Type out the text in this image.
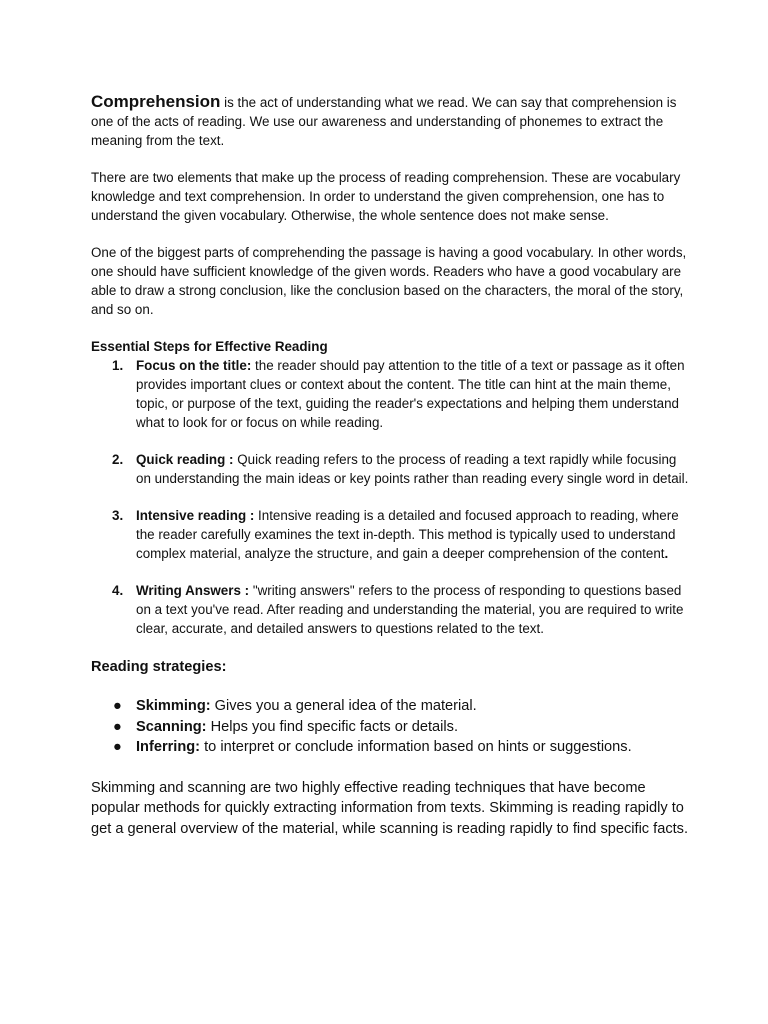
Comprehension is the act of understanding what we read. We can say that comprehension is one of the acts of reading. We use our awareness and understanding of phonemes to extract the meaning from the text.

There are two elements that make up the process of reading comprehension. These are vocabulary knowledge and text comprehension. In order to understand the given comprehension, one has to understand the given vocabulary. Otherwise, the whole sentence does not make sense.

One of the biggest parts of comprehending the passage is having a good vocabulary. In other words, one should have sufficient knowledge of the given words. Readers who have a good vocabulary are able to draw a strong conclusion, like the conclusion based on the characters, the moral of the story, and so on.

Essential Steps for Effective Reading

1. Focus on the title: the reader should pay attention to the title of a text or passage as it often provides important clues or context about the content. The title can hint at the main theme, topic, or purpose of the text, guiding the reader's expectations and helping them understand what to look for or focus on while reading.
2. Quick reading : Quick reading refers to the process of reading a text rapidly while focusing on understanding the main ideas or key points rather than reading every single word in detail.
3. Intensive reading : Intensive reading is a detailed and focused approach to reading, where the reader carefully examines the text in-depth. This method is typically used to understand complex material, analyze the structure, and gain a deeper comprehension of the content.
4. Writing Answers : "writing answers" refers to the process of responding to questions based on a text you've read. After reading and understanding the material, you are required to write clear, accurate, and detailed answers to questions related to the text.

Reading strategies:

● Skimming: Gives you a general idea of the material.
● Scanning: Helps you find specific facts or details.
● Inferring: to interpret or conclude information based on hints or suggestions.

Skimming and scanning are two highly effective reading techniques that have become popular methods for quickly extracting information from texts. Skimming is reading rapidly to get a general overview of the material, while scanning is reading rapidly to find specific facts.
